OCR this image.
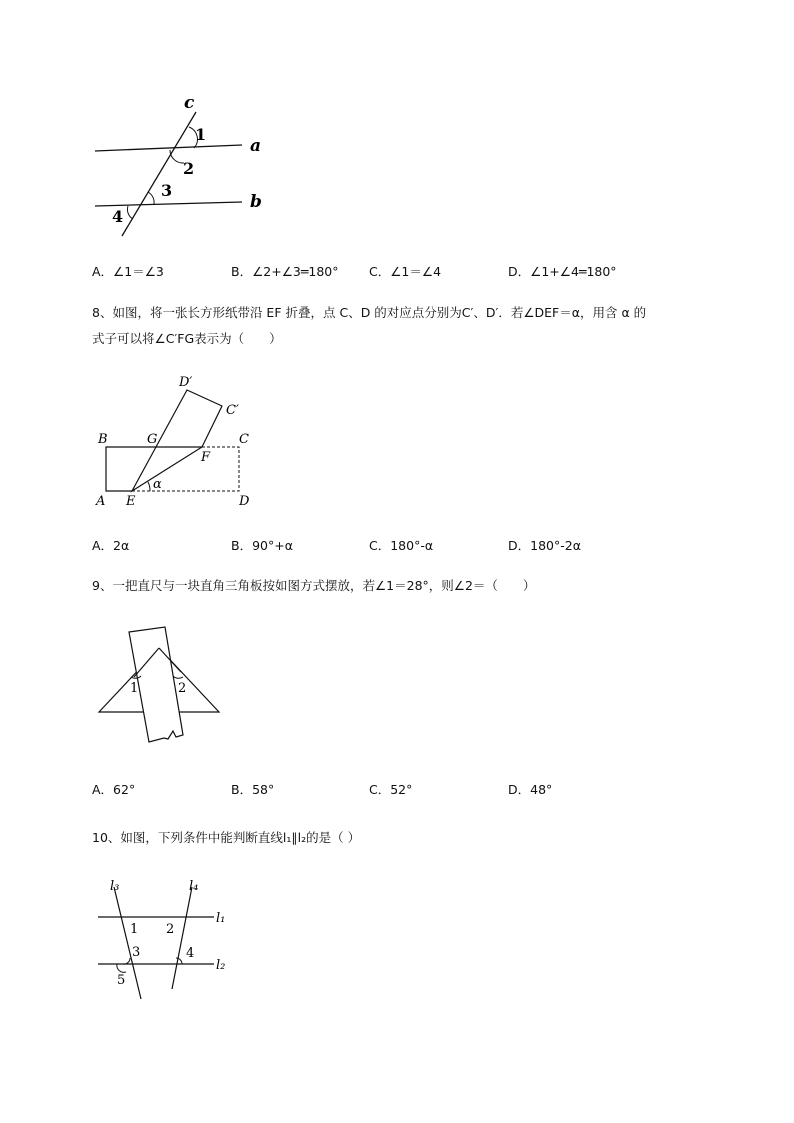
c
a
b
1
2
3
4
A．∠1＝∠3	B．∠2+∠3═180° C．∠1＝∠4	D．∠1+∠4═180°
8、如图，将一张长方形纸带沿 EF 折叠，点 C、D 的对应点分别为C′、D′．若∠DEF＝α，用含 α 的
式子可以将∠C′FG表示为（　　）
D′
C′
B	G	C
F
α
A E	D
A．2α	B．90°+α	C．180°-α	D．180°-2α
9、一把直尺与一块直角三角板按如图方式摆放，若∠1＝28°，则∠2＝（　　）
1	2
A．62°	B．58°	C．52°	D．48°
10、如图，下列条件中能判断直线l₁∥l₂的是（ ）
l₃	l₄
l₁
l₂
1 2
3	4
5
